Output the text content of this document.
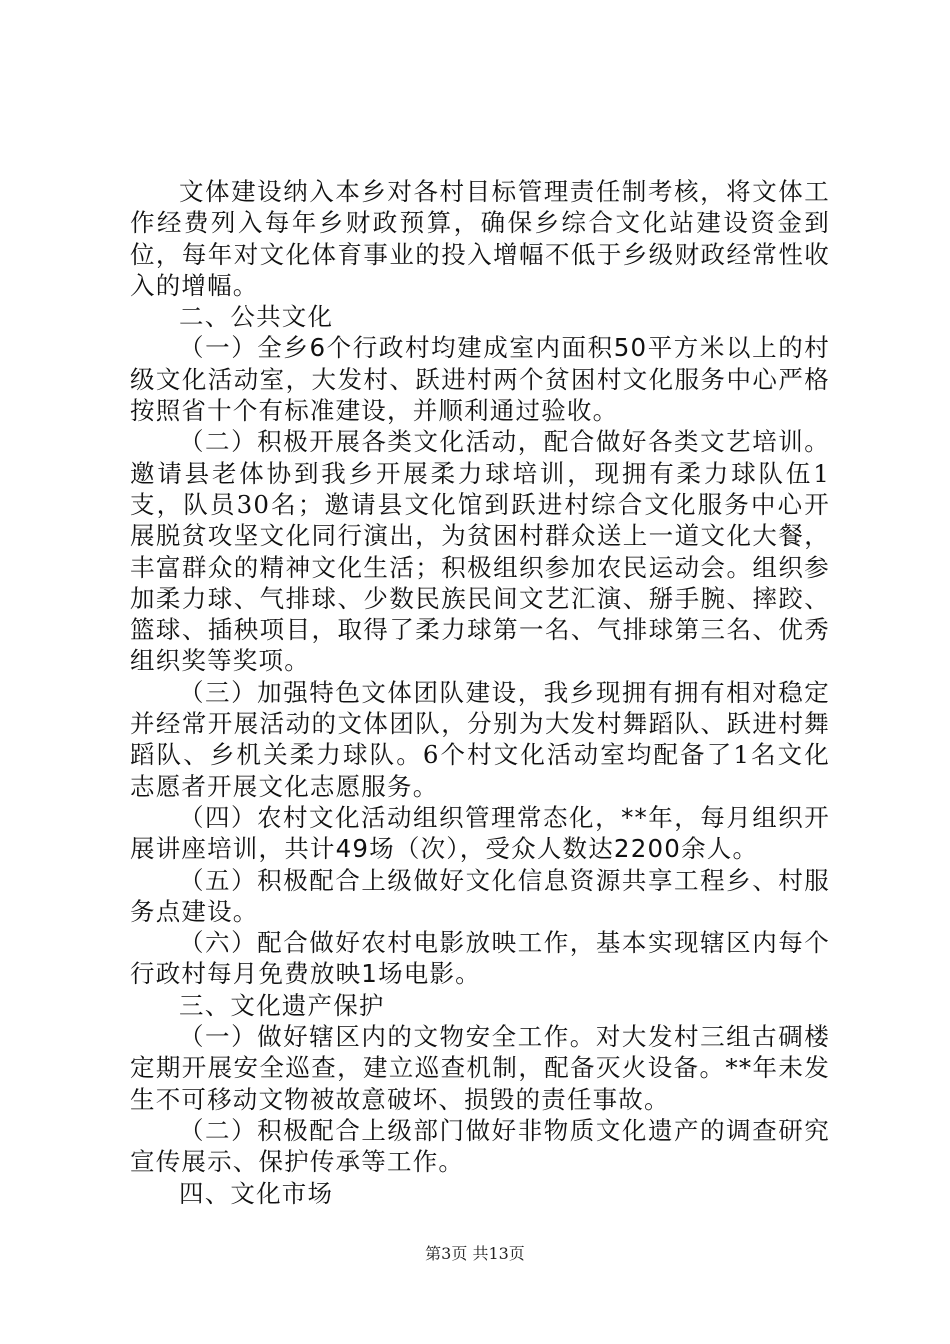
文体建设纳入本乡对各村目标管理责任制考核，将文体工作经费列入每年乡财政预算，确保乡综合文化站建设资金到位，每年对文化体育事业的投入增幅不低于乡级财政经常性收入的增幅。

二、公共文化

（一）全乡6个行政村均建成室内面积50平方米以上的村级文化活动室，大发村、跃进村两个贫困村文化服务中心严格按照省十个有标准建设，并顺利通过验收。

（二）积极开展各类文化活动，配合做好各类文艺培训。邀请县老体协到我乡开展柔力球培训，现拥有柔力球队伍1支，队员30名；邀请县文化馆到跃进村综合文化服务中心开展脱贫攻坚文化同行演出，为贫困村群众送上一道文化大餐，丰富群众的精神文化生活；积极组织参加农民运动会。组织参加柔力球、气排球、少数民族民间文艺汇演、掰手腕、摔跤、篮球、插秧项目，取得了柔力球第一名、气排球第三名、优秀组织奖等奖项。

（三）加强特色文体团队建设，我乡现拥有拥有相对稳定并经常开展活动的文体团队，分别为大发村舞蹈队、跃进村舞蹈队、乡机关柔力球队。6个村文化活动室均配备了1名文化志愿者开展文化志愿服务。

（四）农村文化活动组织管理常态化，**年，每月组织开展讲座培训，共计49场（次），受众人数达2200余人。

（五）积极配合上级做好文化信息资源共享工程乡、村服务点建设。

（六）配合做好农村电影放映工作，基本实现辖区内每个行政村每月免费放映1场电影。

三、文化遗产保护

（一）做好辖区内的文物安全工作。对大发村三组古碉楼定期开展安全巡查，建立巡查机制，配备灭火设备。**年未发生不可移动文物被故意破坏、损毁的责任事故。

（二）积极配合上级部门做好非物质文化遗产的调查研究宣传展示、保护传承等工作。

四、文化市场

第3页 共13页
